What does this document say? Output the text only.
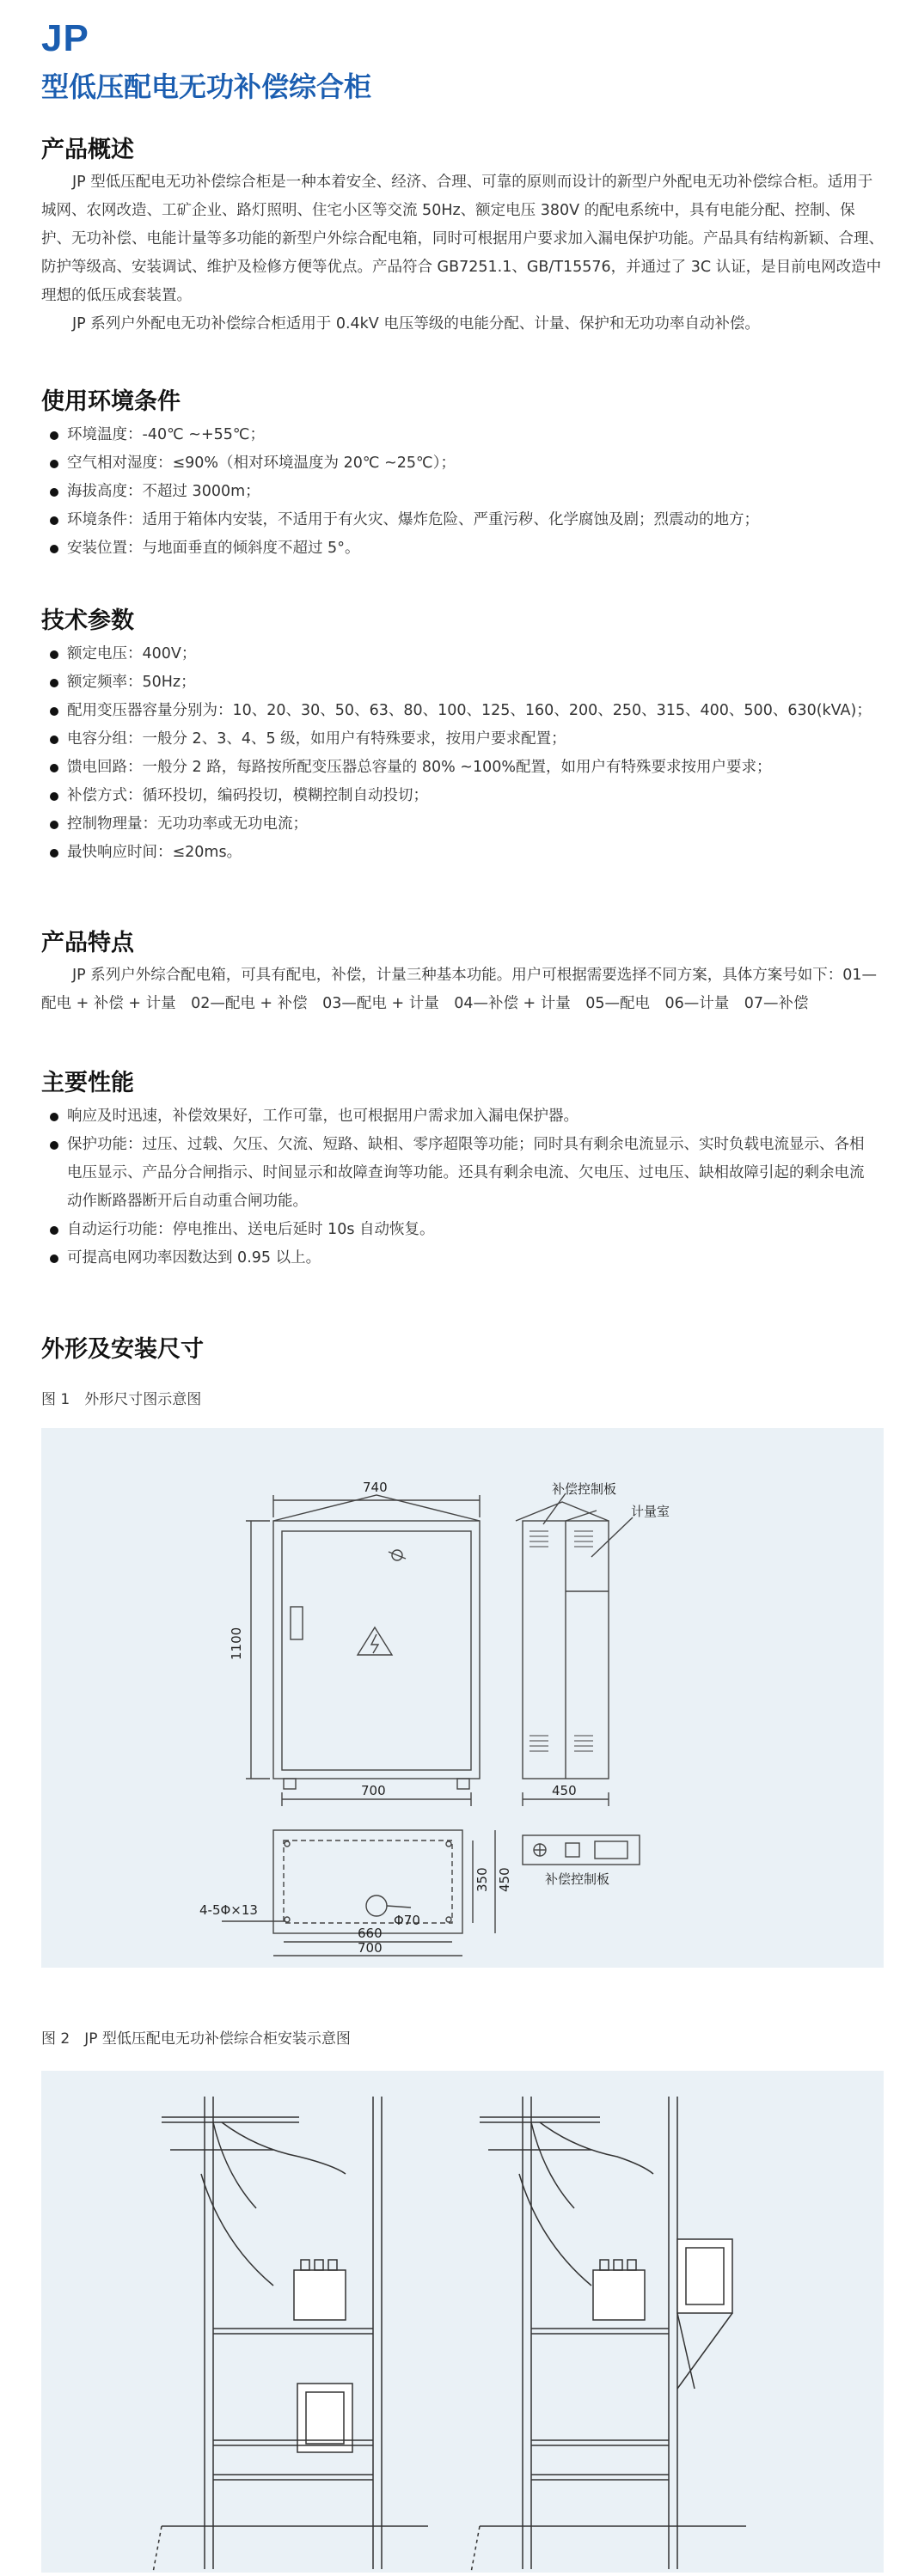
JP
型低压配电无功补偿综合柜
产品概述

JP 型低压配电无功补偿综合柜是一种本着安全、经济、合理、可靠的原则而设计的新型户外配电无功补偿综合柜。适用于城网、农网改造、工矿企业、路灯照明、住宅小区等交流 50Hz、额定电压 380V 的配电系统中，具有电能分配、控制、保护、无功补偿、电能计量等多功能的新型户外综合配电箱，同时可根据用户要求加入漏电保护功能。产品具有结构新颖、合理、防护等级高、安装调试、维护及检修方便等优点。产品符合 GB7251.1、GB/T15576，并通过了 3C 认证，是目前电网改造中理想的低压成套装置。

JP 系列户外配电无功补偿综合柜适用于 0.4kV 电压等级的电能分配、计量、保护和无功功率自动补偿。

使用环境条件
环境温度：-40℃ ~+55℃；
空气相对湿度：≤90%（相对环境温度为 20℃ ~25℃）；
海拔高度：不超过 3000m；
环境条件：适用于箱体内安装，不适用于有火灾、爆炸危险、严重污秽、化学腐蚀及剧；烈震动的地方；
安装位置：与地面垂直的倾斜度不超过 5°。
技术参数
额定电压：400V；
额定频率：50Hz；
配用变压器容量分别为：10、20、30、50、63、80、100、125、160、200、250、315、400、500、630(kVA)；
电容分组：一般分 2、3、4、5 级，如用户有特殊要求，按用户要求配置；
馈电回路：一般分 2 路，每路按所配变压器总容量的 80% ~100%配置，如用户有特殊要求按用户要求；
补偿方式：循环投切，编码投切，模糊控制自动投切；
控制物理量：无功功率或无功电流；
最快响应时间：≤20ms。
产品特点

JP 系列户外综合配电箱，可具有配电，补偿，计量三种基本功能。用户可根据需要选择不同方案，具体方案号如下：01—配电 + 补偿 + 计量　02—配电 + 补偿　03—配电 + 计量　04—补偿 + 计量　05—配电　06—计量　07—补偿

主要性能
响应及时迅速，补偿效果好，工作可靠，也可根据用户需求加入漏电保护器。
保护功能：过压、过载、欠压、欠流、短路、缺相、零序超限等功能；同时具有剩余电流显示、实时负载电流显示、各相电压显示、产品分合闸指示、时间显示和故障查询等功能。还具有剩余电流、欠电压、过电压、缺相故障引起的剩余电流动作断路器断开后自动重合闸功能。
自动运行功能：停电推出、送电后延时 10s 自动恢复。
可提高电网功率因数达到 0.95 以上。
外形及安装尺寸
图 1　外形尺寸图示意图
740
1100
700
补偿控制板
计量室
450
350 450
4-5Φ×13
Φ70
660
700
补偿控制板
图 2　JP 型低压配电无功补偿综合柜安装示意图
